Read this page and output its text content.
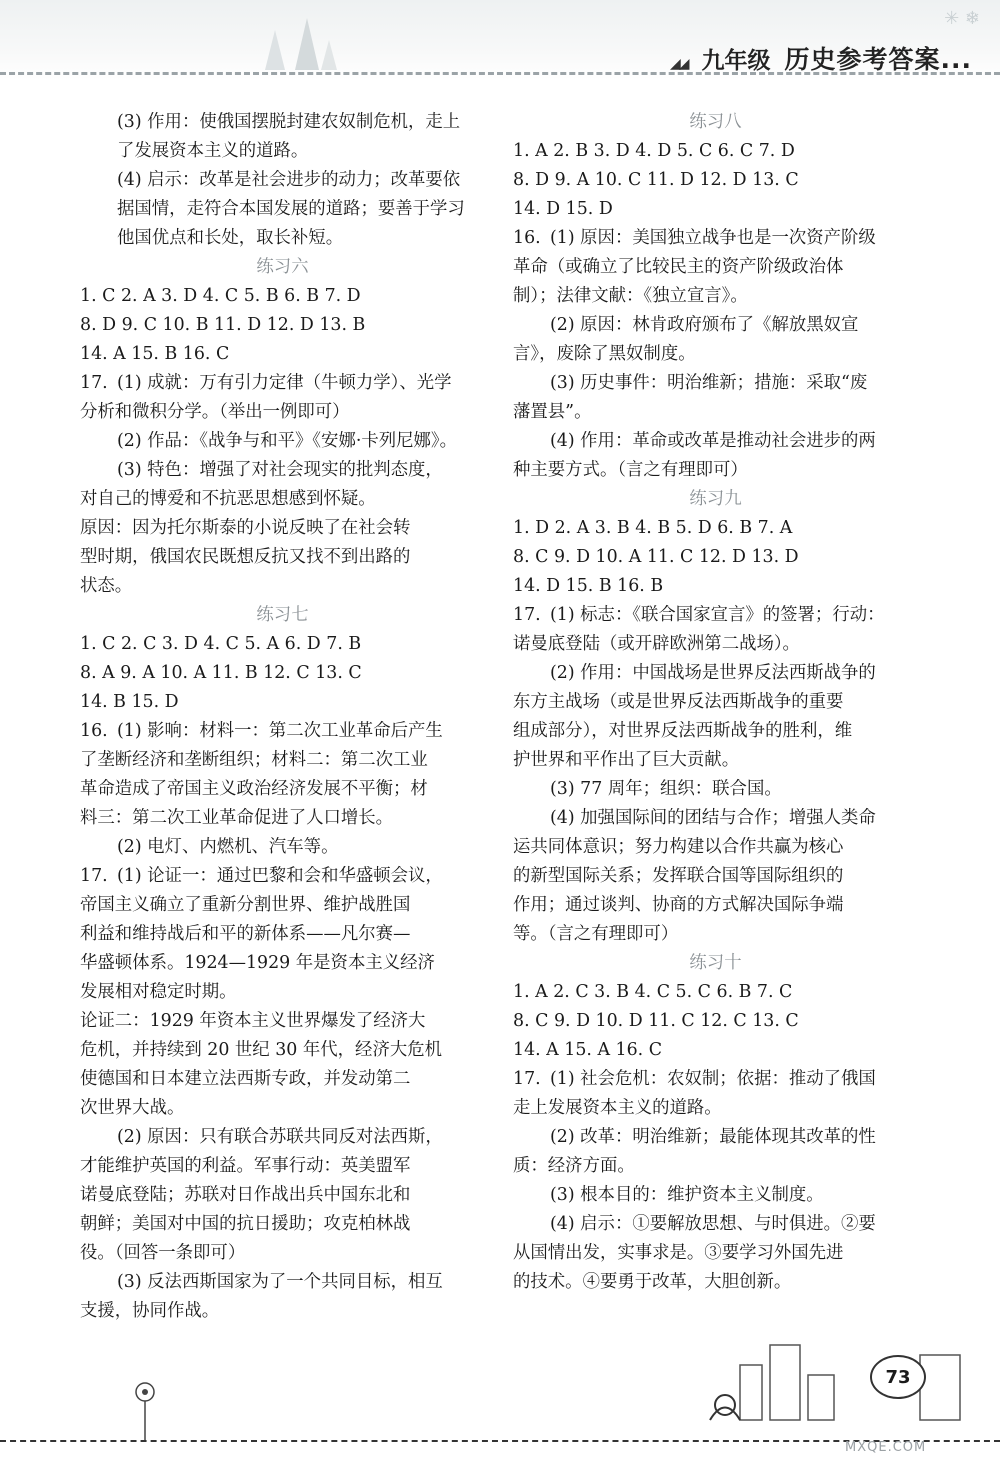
✳ ❄
◢◢ 九年级 历史参考答案...
(3) 作用：使俄国摆脱封建农奴制危机，走上
了发展资本主义的道路。
(4) 启示：改革是社会进步的动力；改革要依
据国情，走符合本国发展的道路；要善于学习
他国优点和长处，取长补短。
练习六
1. C 2. A 3. D 4. C 5. B 6. B 7. D
8. D 9. C 10. B 11. D 12. D 13. B
14. A 15. B 16. C
17. (1) 成就：万有引力定律（牛顿力学）、光学
分析和微积分学。（举出一例即可）
(2) 作品：《战争与和平》《安娜·卡列尼娜》。
(3) 特色：增强了对社会现实的批判态度，
对自己的博爱和不抗恶思想感到怀疑。
原因：因为托尔斯泰的小说反映了在社会转
型时期，俄国农民既想反抗又找不到出路的
状态。
练习七
1. C 2. C 3. D 4. C 5. A 6. D 7. B
8. A 9. A 10. A 11. B 12. C 13. C
14. B 15. D
16. (1) 影响：材料一：第二次工业革命后产生
了垄断经济和垄断组织；材料二：第二次工业
革命造成了帝国主义政治经济发展不平衡；材
料三：第二次工业革命促进了人口增长。
(2) 电灯、内燃机、汽车等。
17. (1) 论证一：通过巴黎和会和华盛顿会议，
帝国主义确立了重新分割世界、维护战胜国
利益和维持战后和平的新体系——凡尔赛—
华盛顿体系。1924—1929 年是资本主义经济
发展相对稳定时期。
论证二：1929 年资本主义世界爆发了经济大
危机，并持续到 20 世纪 30 年代，经济大危机
使德国和日本建立法西斯专政，并发动第二
次世界大战。
(2) 原因：只有联合苏联共同反对法西斯，
才能维护英国的利益。军事行动：英美盟军
诺曼底登陆；苏联对日作战出兵中国东北和
朝鲜；美国对中国的抗日援助；攻克柏林战
役。（回答一条即可）
(3) 反法西斯国家为了一个共同目标，相互
支援，协同作战。
练习八
1. A 2. B 3. D 4. D 5. C 6. C 7. D
8. D 9. A 10. C 11. D 12. D 13. C
14. D 15. D
16. (1) 原因：美国独立战争也是一次资产阶级
革命（或确立了比较民主的资产阶级政治体
制）；法律文献：《独立宣言》。
(2) 原因：林肯政府颁布了《解放黑奴宣
言》，废除了黑奴制度。
(3) 历史事件：明治维新；措施：采取“废
藩置县”。
(4) 作用：革命或改革是推动社会进步的两
种主要方式。（言之有理即可）
练习九
1. D 2. A 3. B 4. B 5. D 6. B 7. A
8. C 9. D 10. A 11. C 12. D 13. D
14. D 15. B 16. B
17. (1) 标志：《联合国家宣言》的签署；行动：
诺曼底登陆（或开辟欧洲第二战场）。
(2) 作用：中国战场是世界反法西斯战争的
东方主战场（或是世界反法西斯战争的重要
组成部分），对世界反法西斯战争的胜利，维
护世界和平作出了巨大贡献。
(3) 77 周年；组织：联合国。
(4) 加强国际间的团结与合作；增强人类命
运共同体意识；努力构建以合作共赢为核心
的新型国际关系；发挥联合国等国际组织的
作用；通过谈判、协商的方式解决国际争端
等。（言之有理即可）
练习十
1. A 2. C 3. B 4. C 5. C 6. B 7. C
8. C 9. D 10. D 11. C 12. C 13. C
14. A 15. A 16. C
17. (1) 社会危机：农奴制；依据：推动了俄国
走上发展资本主义的道路。
(2) 改革：明治维新；最能体现其改革的性
质：经济方面。
(3) 根本目的：维护资本主义制度。
(4) 启示：①要解放思想、与时俱进。②要
从国情出发，实事求是。③要学习外国先进
的技术。④要勇于改革，大胆创新。
73
MXQE.COM
